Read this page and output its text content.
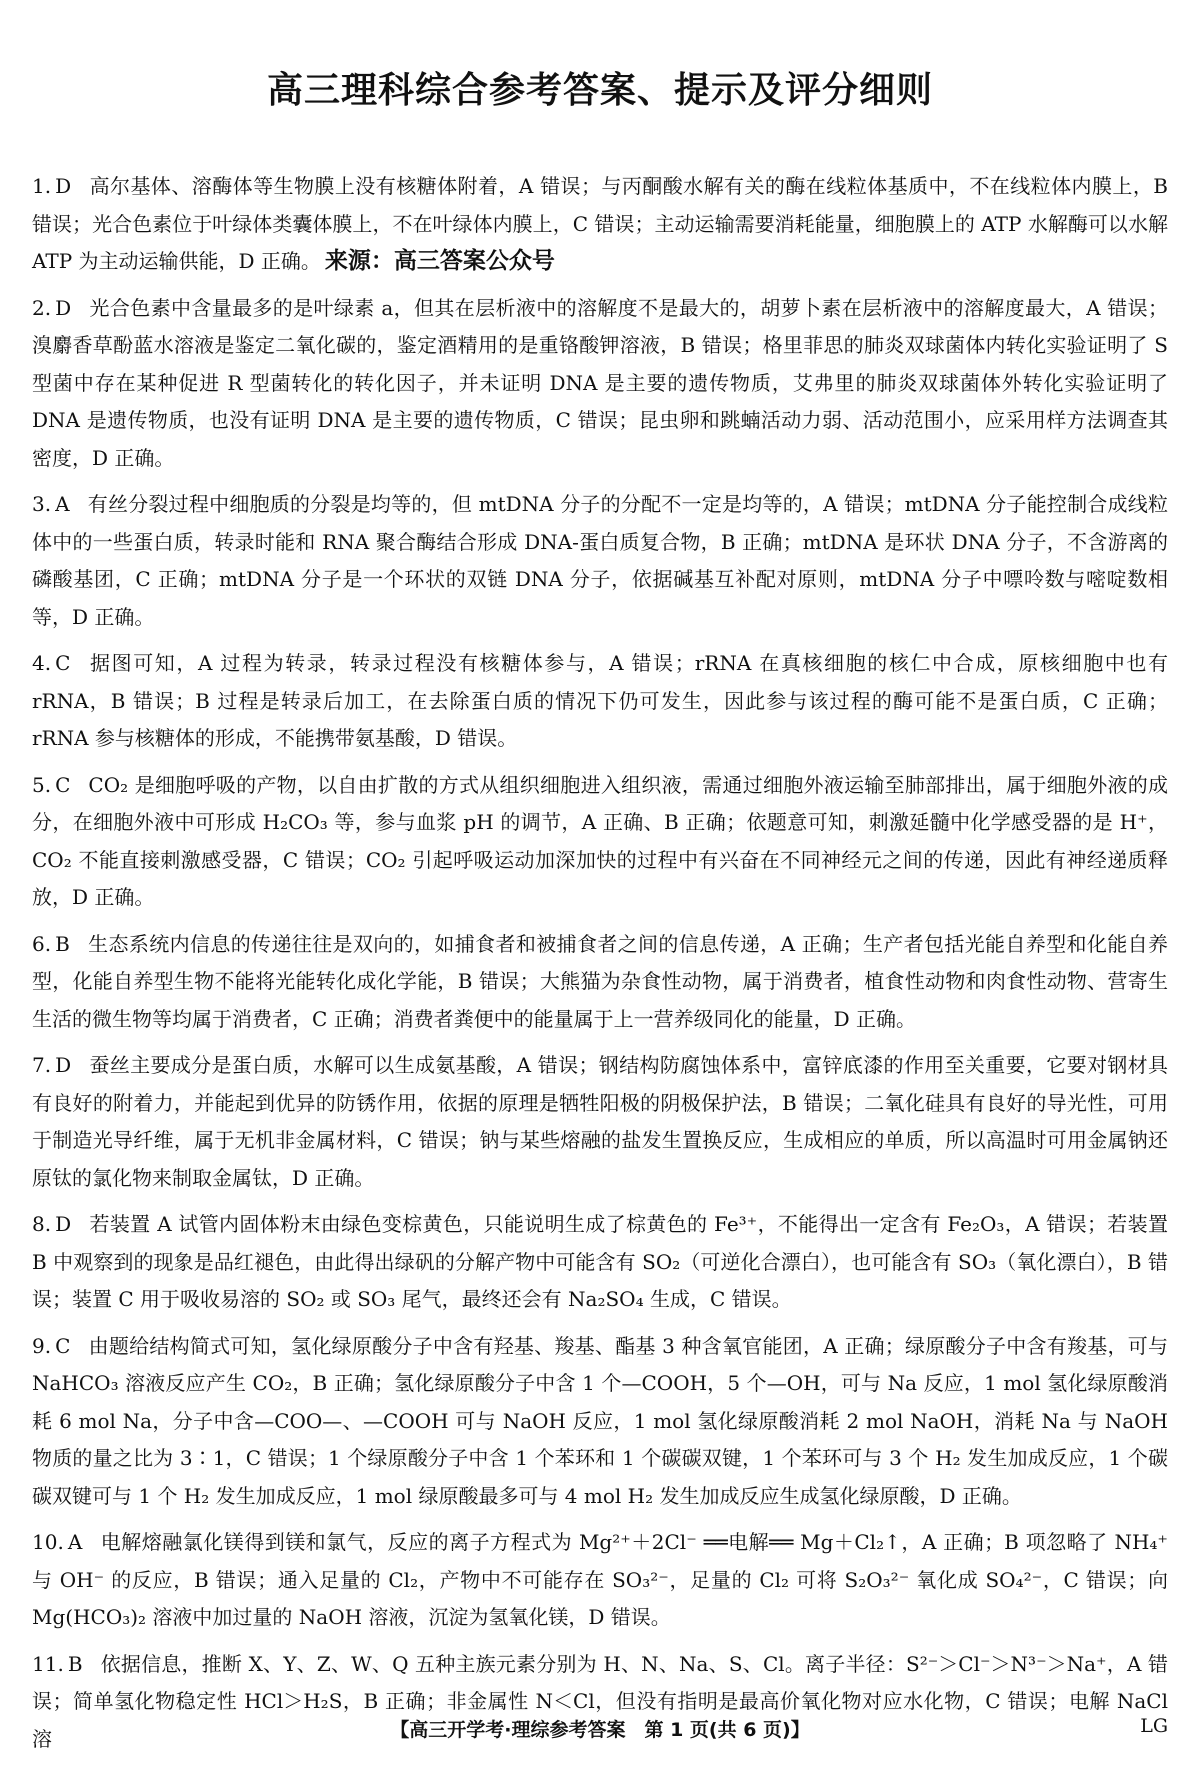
高三理科综合参考答案、提示及评分细则
1. D 高尔基体、溶酶体等生物膜上没有核糖体附着，A 错误；与丙酮酸水解有关的酶在线粒体基质中，不在线粒体内膜上，B 错误；光合色素位于叶绿体类囊体膜上，不在叶绿体内膜上，C 错误；主动运输需要消耗能量，细胞膜上的 ATP 水解酶可以水解 ATP 为主动运输供能，D 正确。 来源：高三答案公众号
2. D 光合色素中含量最多的是叶绿素 a，但其在层析液中的溶解度不是最大的，胡萝卜素在层析液中的溶解度最大，A 错误；溴麝香草酚蓝水溶液是鉴定二氧化碳的，鉴定酒精用的是重铬酸钾溶液，B 错误；格里菲思的肺炎双球菌体内转化实验证明了 S 型菌中存在某种促进 R 型菌转化的转化因子，并未证明 DNA 是主要的遗传物质，艾弗里的肺炎双球菌体外转化实验证明了 DNA 是遗传物质，也没有证明 DNA 是主要的遗传物质，C 错误；昆虫卵和跳蝻活动力弱、活动范围小，应采用样方法调查其密度，D 正确。
3. A 有丝分裂过程中细胞质的分裂是均等的，但 mtDNA 分子的分配不一定是均等的，A 错误；mtDNA 分子能控制合成线粒体中的一些蛋白质，转录时能和 RNA 聚合酶结合形成 DNA-蛋白质复合物，B 正确；mtDNA 是环状 DNA 分子，不含游离的磷酸基团，C 正确；mtDNA 分子是一个环状的双链 DNA 分子，依据碱基互补配对原则，mtDNA 分子中嘌呤数与嘧啶数相等，D 正确。
4. C 据图可知，A 过程为转录，转录过程没有核糖体参与，A 错误；rRNA 在真核细胞的核仁中合成，原核细胞中也有 rRNA，B 错误；B 过程是转录后加工，在去除蛋白质的情况下仍可发生，因此参与该过程的酶可能不是蛋白质，C 正确；rRNA 参与核糖体的形成，不能携带氨基酸，D 错误。
5. C CO₂ 是细胞呼吸的产物，以自由扩散的方式从组织细胞进入组织液，需通过细胞外液运输至肺部排出，属于细胞外液的成分，在细胞外液中可形成 H₂CO₃ 等，参与血浆 pH 的调节，A 正确、B 正确；依题意可知，刺激延髓中化学感受器的是 H⁺，CO₂ 不能直接刺激感受器，C 错误；CO₂ 引起呼吸运动加深加快的过程中有兴奋在不同神经元之间的传递，因此有神经递质释放，D 正确。
6. B 生态系统内信息的传递往往是双向的，如捕食者和被捕食者之间的信息传递，A 正确；生产者包括光能自养型和化能自养型，化能自养型生物不能将光能转化成化学能，B 错误；大熊猫为杂食性动物，属于消费者，植食性动物和肉食性动物、营寄生生活的微生物等均属于消费者，C 正确；消费者粪便中的能量属于上一营养级同化的能量，D 正确。
7. D 蚕丝主要成分是蛋白质，水解可以生成氨基酸，A 错误；钢结构防腐蚀体系中，富锌底漆的作用至关重要，它要对钢材具有良好的附着力，并能起到优异的防锈作用，依据的原理是牺牲阳极的阴极保护法，B 错误；二氧化硅具有良好的导光性，可用于制造光导纤维，属于无机非金属材料，C 错误；钠与某些熔融的盐发生置换反应，生成相应的单质，所以高温时可用金属钠还原钛的氯化物来制取金属钛，D 正确。
8. D 若装置 A 试管内固体粉末由绿色变棕黄色，只能说明生成了棕黄色的 Fe³⁺，不能得出一定含有 Fe₂O₃，A 错误；若装置 B 中观察到的现象是品红褪色，由此得出绿矾的分解产物中可能含有 SO₂（可逆化合漂白），也可能含有 SO₃（氧化漂白），B 错误；装置 C 用于吸收易溶的 SO₂ 或 SO₃ 尾气，最终还会有 Na₂SO₄ 生成，C 错误。
9. C 由题给结构简式可知，氢化绿原酸分子中含有羟基、羧基、酯基 3 种含氧官能团，A 正确；绿原酸分子中含有羧基，可与 NaHCO₃ 溶液反应产生 CO₂，B 正确；氢化绿原酸分子中含 1 个—COOH，5 个—OH，可与 Na 反应，1 mol 氢化绿原酸消耗 6 mol Na，分子中含—COO—、—COOH 可与 NaOH 反应，1 mol 氢化绿原酸消耗 2 mol NaOH，消耗 Na 与 NaOH 物质的量之比为 3∶1，C 错误；1 个绿原酸分子中含 1 个苯环和 1 个碳碳双键，1 个苯环可与 3 个 H₂ 发生加成反应，1 个碳碳双键可与 1 个 H₂ 发生加成反应，1 mol 绿原酸最多可与 4 mol H₂ 发生加成反应生成氢化绿原酸，D 正确。
10. A 电解熔融氯化镁得到镁和氯气，反应的离子方程式为 Mg²⁺＋2Cl⁻ ══电解══ Mg＋Cl₂↑，A 正确；B 项忽略了 NH₄⁺ 与 OH⁻ 的反应，B 错误；通入足量的 Cl₂，产物中不可能存在 SO₃²⁻，足量的 Cl₂ 可将 S₂O₃²⁻ 氧化成 SO₄²⁻，C 错误；向 Mg(HCO₃)₂ 溶液中加过量的 NaOH 溶液，沉淀为氢氧化镁，D 错误。
11. B 依据信息，推断 X、Y、Z、W、Q 五种主族元素分别为 H、N、Na、S、Cl。离子半径：S²⁻＞Cl⁻＞N³⁻＞Na⁺，A 错误；简单氢化物稳定性 HCl＞H₂S，B 正确；非金属性 N＜Cl，但没有指明是最高价氧化物对应水化物，C 错误；电解 NaCl 溶	【高三开学考·理综参考答案　第 1 页(共 6 页)】	LG
